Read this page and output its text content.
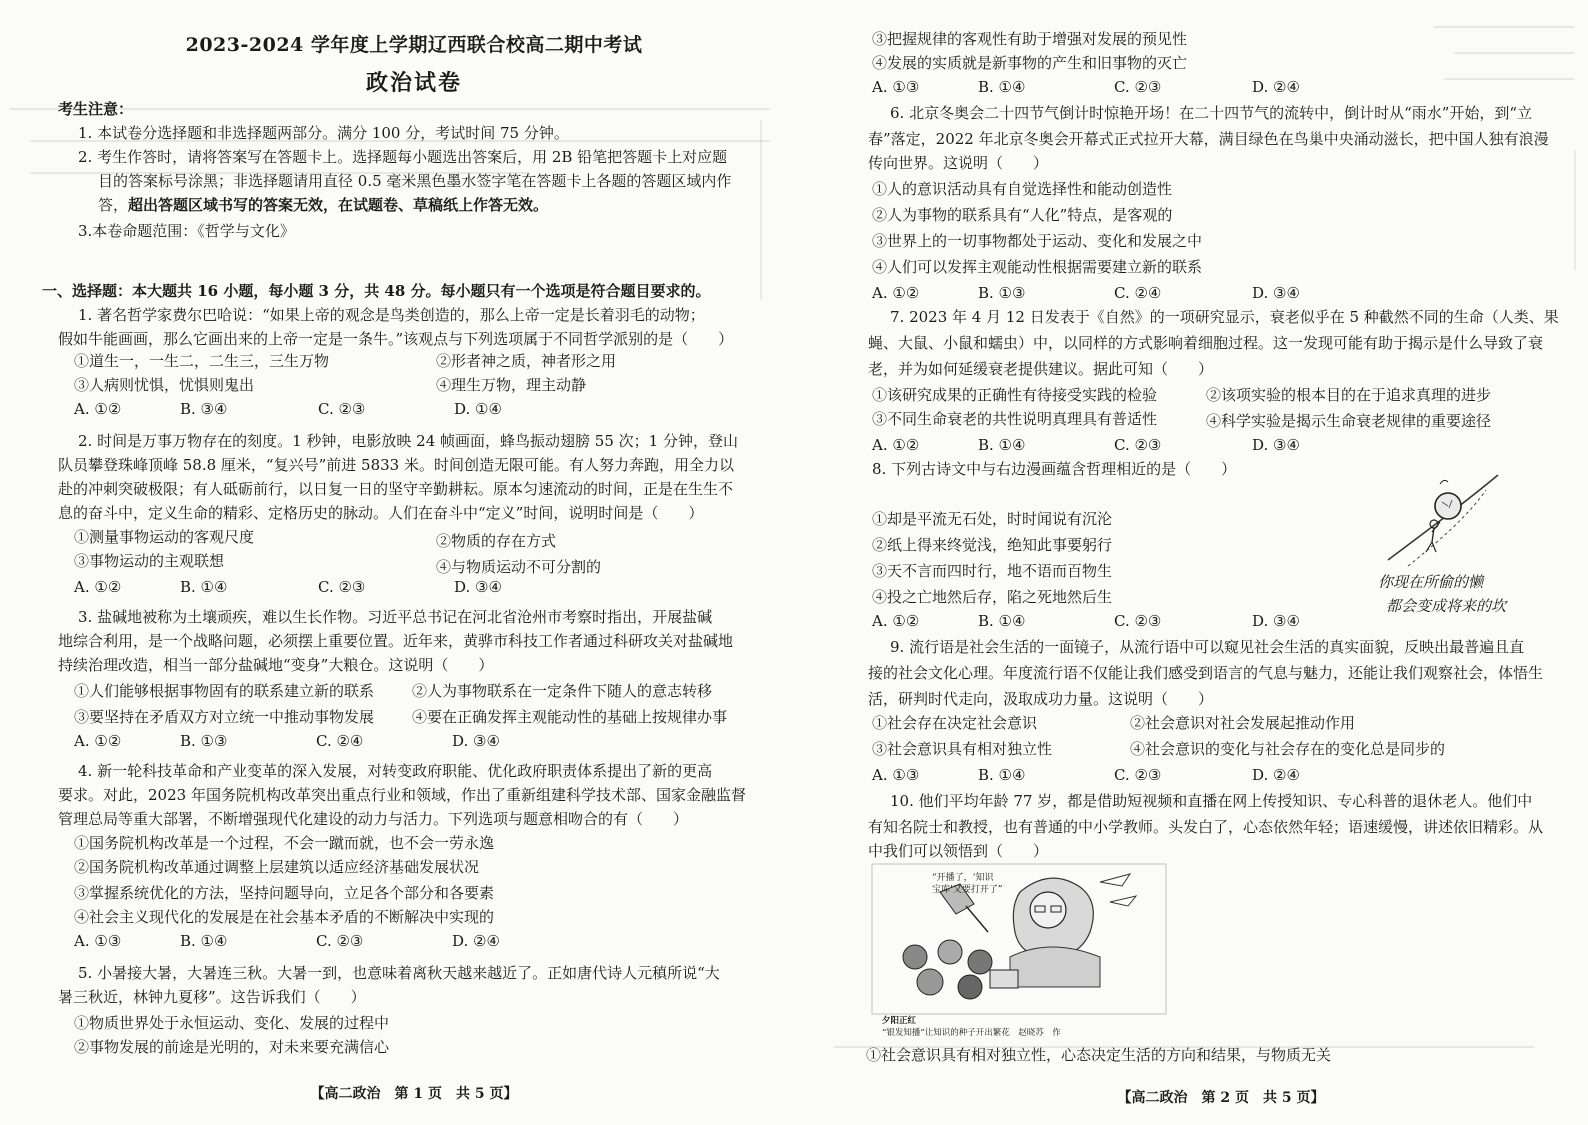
2023-2024 学年度上学期辽西联合校高二期中考试
政治试卷
考生注意：
1. 本试卷分选择题和非选择题两部分。满分 100 分，考试时间 75 分钟。
2. 考生作答时，请将答案写在答题卡上。选择题每小题选出答案后，用 2B 铅笔把答题卡上对应题
目的答案标号涂黑；非选择题请用直径 0.5 毫米黑色墨水签字笔在答题卡上各题的答题区域内作
答，超出答题区域书写的答案无效，在试题卷、草稿纸上作答无效。
3.本卷命题范围：《哲学与文化》
一、选择题：本大题共 16 小题，每小题 3 分，共 48 分。每小题只有一个选项是符合题目要求的。
1. 著名哲学家费尔巴哈说：“如果上帝的观念是鸟类创造的，那么上帝一定是长着羽毛的动物；
假如牛能画画，那么它画出来的上帝一定是一条牛。”该观点与下列选项属于不同哲学派别的是（　　）
①道生一，一生二，二生三，三生万物	②形者神之质，神者形之用
③人病则忧惧，忧惧则鬼出	④理生万物，理主动静
A. ①②	B. ③④	C. ②③	D. ①④
2. 时间是万事万物存在的刻度。1 秒钟，电影放映 24 帧画面，蜂鸟振动翅膀 55 次；1 分钟，登山
队员攀登珠峰顶峰 58.8 厘米，“复兴号”前进 5833 米。时间创造无限可能。有人努力奔跑，用全力以
赴的冲刺突破极限；有人砥砺前行，以日复一日的坚守辛勤耕耘。原本匀速流动的时间，正是在生生不
息的奋斗中，定义生命的精彩、定格历史的脉动。人们在奋斗中“定义”时间，说明时间是（　　）
①测量事物运动的客观尺度	②物质的存在方式
③事物运动的主观联想	④与物质运动不可分割的
A. ①②	B. ①④	C. ②③	D. ③④
3. 盐碱地被称为土壤顽疾，难以生长作物。习近平总书记在河北省沧州市考察时指出，开展盐碱
地综合利用，是一个战略问题，必须摆上重要位置。近年来，黄骅市科技工作者通过科研攻关对盐碱地
持续治理改造，相当一部分盐碱地“变身”大粮仓。这说明（　　）
①人们能够根据事物固有的联系建立新的联系	②人为事物联系在一定条件下随人的意志转移
③要坚持在矛盾双方对立统一中推动事物发展	④要在正确发挥主观能动性的基础上按规律办事
A. ①②	B. ①③	C. ②④	D. ③④
4. 新一轮科技革命和产业变革的深入发展，对转变政府职能、优化政府职责体系提出了新的更高
要求。对此，2023 年国务院机构改革突出重点行业和领域，作出了重新组建科学技术部、国家金融监督
管理总局等重大部署，不断增强现代化建设的动力与活力。下列选项与题意相吻合的有（　　）
①国务院机构改革是一个过程，不会一蹴而就，也不会一劳永逸
②国务院机构改革通过调整上层建筑以适应经济基础发展状况
③掌握系统优化的方法，坚持问题导向，立足各个部分和各要素
④社会主义现代化的发展是在社会基本矛盾的不断解决中实现的
A. ①③	B. ①④	C. ②③	D. ②④
5. 小暑接大暑，大暑连三秋。大暑一到，也意味着离秋天越来越近了。正如唐代诗人元稹所说“大
暑三秋近，林钟九夏移”。这告诉我们（　　）
①物质世界处于永恒运动、变化、发展的过程中
②事物发展的前途是光明的，对未来要充满信心
【高二政治　第 1 页　共 5 页】
③把握规律的客观性有助于增强对发展的预见性
④发展的实质就是新事物的产生和旧事物的灭亡
A. ①③	B. ①④	C. ②③	D. ②④
6. 北京冬奥会二十四节气倒计时惊艳开场！在二十四节气的流转中，倒计时从“雨水”开始，到“立
春”落定，2022 年北京冬奥会开幕式正式拉开大幕，满目绿色在鸟巢中央涌动滋长，把中国人独有浪漫
传向世界。这说明（　　）
①人的意识活动具有自觉选择性和能动创造性
②人为事物的联系具有“人化”特点，是客观的
③世界上的一切事物都处于运动、变化和发展之中
④人们可以发挥主观能动性根据需要建立新的联系
A. ①②	B. ①③	C. ②④	D. ③④
7. 2023 年 4 月 12 日发表于《自然》的一项研究显示，衰老似乎在 5 种截然不同的生命（人类、果
蝇、大鼠、小鼠和蠕虫）中，以同样的方式影响着细胞过程。这一发现可能有助于揭示是什么导致了衰
老，并为如何延缓衰老提供建议。据此可知（　　）
①该研究成果的正确性有待接受实践的检验	②该项实验的根本目的在于追求真理的进步
③不同生命衰老的共性说明真理具有普适性	④科学实验是揭示生命衰老规律的重要途径
A. ①②	B. ①④	C. ②③	D. ③④
8. 下列古诗文中与右边漫画蕴含哲理相近的是（　　）
①却是平流无石处，时时闻说有沉沦
②纸上得来终觉浅，绝知此事要躬行
③天不言而四时行，地不语而百物生
④投之亡地然后存，陷之死地然后生
A. ①②	B. ①④	C. ②③	D. ③④
9. 流行语是社会生活的一面镜子，从流行语中可以窥见社会生活的真实面貌，反映出最普遍且直
接的社会文化心理。年度流行语不仅能让我们感受到语言的气息与魅力，还能让我们观察社会，体悟生
活，研判时代走向，汲取成功力量。这说明（　　）
①社会存在决定社会意识	②社会意识对社会发展起推动作用
③社会意识具有相对独立性	④社会意识的变化与社会存在的变化总是同步的
A. ①③	B. ①④	C. ②③	D. ②④
10. 他们平均年龄 77 岁，都是借助短视频和直播在网上传授知识、专心科普的退休老人。他们中
有知名院士和教授，也有普通的中小学教师。头发白了，心态依然年轻；语速缓慢，讲述依旧精彩。从
中我们可以领悟到（　　）
①社会意识具有相对独立性，心态决定生活的方向和结果，与物质无关
【高二政治　第 2 页　共 5 页】
你现在所偷的懒
都会变成将来的坎
“开播了，‘知识
宝库’又要打开了”
夕阳正红
“银发知播”让知识的种子开出繁花　赵晓苏　作
